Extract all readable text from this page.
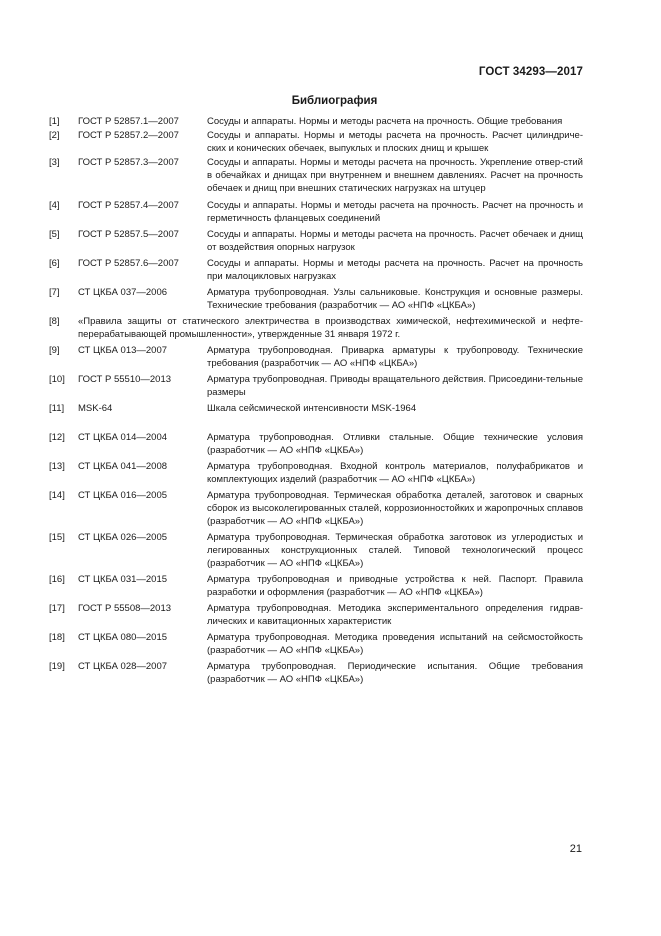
ГОСТ 34293—2017
Библиография
[1] ГОСТ Р 52857.1—2007	Сосуды и аппараты. Нормы и методы расчета на прочность. Общие требования
[2] ГОСТ Р 52857.2—2007	Сосуды и аппараты. Нормы и методы расчета на прочность. Расчет цилиндриче-ских и конических обечаек, выпуклых и плоских днищ и крышек
[3] ГОСТ Р 52857.3—2007	Сосуды и аппараты. Нормы и методы расчета на прочность. Укрепление отвер-стий в обечайках и днищах при внутреннем и внешнем давлениях. Расчет на прочность обечаек и днищ при внешних статических нагрузках на штуцер
[4] ГОСТ Р 52857.4—2007	Сосуды и аппараты. Нормы и методы расчета на прочность. Расчет на прочность и герметичность фланцевых соединений
[5] ГОСТ Р 52857.5—2007	Сосуды и аппараты. Нормы и методы расчета на прочность. Расчет обечаек и днищ от воздействия опорных нагрузок
[6] ГОСТ Р 52857.6—2007	Сосуды и аппараты. Нормы и методы расчета на прочность. Расчет на прочность при малоцикловых нагрузках
[7] СТ ЦКБА 037—2006	Арматура трубопроводная. Узлы сальниковые. Конструкция и основные размеры. Технические требования (разработчик — АО «НПФ «ЦКБА»)
[8] «Правила защиты от статического электричества в производствах химической, нефтехимической и нефте-перерабатывающей промышленности», утвержденные 31 января 1972 г.
[9] СТ ЦКБА 013—2007	Арматура трубопроводная. Приварка арматуры к трубопроводу. Технические требования (разработчик — АО «НПФ «ЦКБА»)
[10] ГОСТ Р 55510—2013	Арматура трубопроводная. Приводы вращательного действия. Присоедини-тельные размеры
[11] MSK-64	Шкала сейсмической интенсивности MSK-1964
[12] СТ ЦКБА 014—2004	Арматура трубопроводная. Отливки стальные. Общие технические условия (разработчик — АО «НПФ «ЦКБА»)
[13] СТ ЦКБА 041—2008	Арматура трубопроводная. Входной контроль материалов, полуфабрикатов и комплектующих изделий (разработчик — АО «НПФ «ЦКБА»)
[14] СТ ЦКБА 016—2005	Арматура трубопроводная. Термическая обработка деталей, заготовок и сварных сборок из высоколегированных сталей, коррозионностойких и жаропрочных сплавов (разработчик — АО «НПФ «ЦКБА»)
[15] СТ ЦКБА 026—2005	Арматура трубопроводная. Термическая обработка заготовок из углеродистых и легированных конструкционных сталей. Типовой технологический процесс (разработчик — АО «НПФ «ЦКБА»)
[16] СТ ЦКБА 031—2015	Арматура трубопроводная и приводные устройства к ней. Паспорт. Правила разработки и оформления (разработчик — АО «НПФ «ЦКБА»)
[17] ГОСТ Р 55508—2013	Арматура трубопроводная. Методика экспериментального определения гидрав-лических и кавитационных характеристик
[18] СТ ЦКБА 080—2015	Арматура трубопроводная. Методика проведения испытаний на сейсмостойкость (разработчик — АО «НПФ «ЦКБА»)
[19] СТ ЦКБА 028—2007	Арматура трубопроводная. Периодические испытания. Общие требования (разработчик — АО «НПФ «ЦКБА»)
21
